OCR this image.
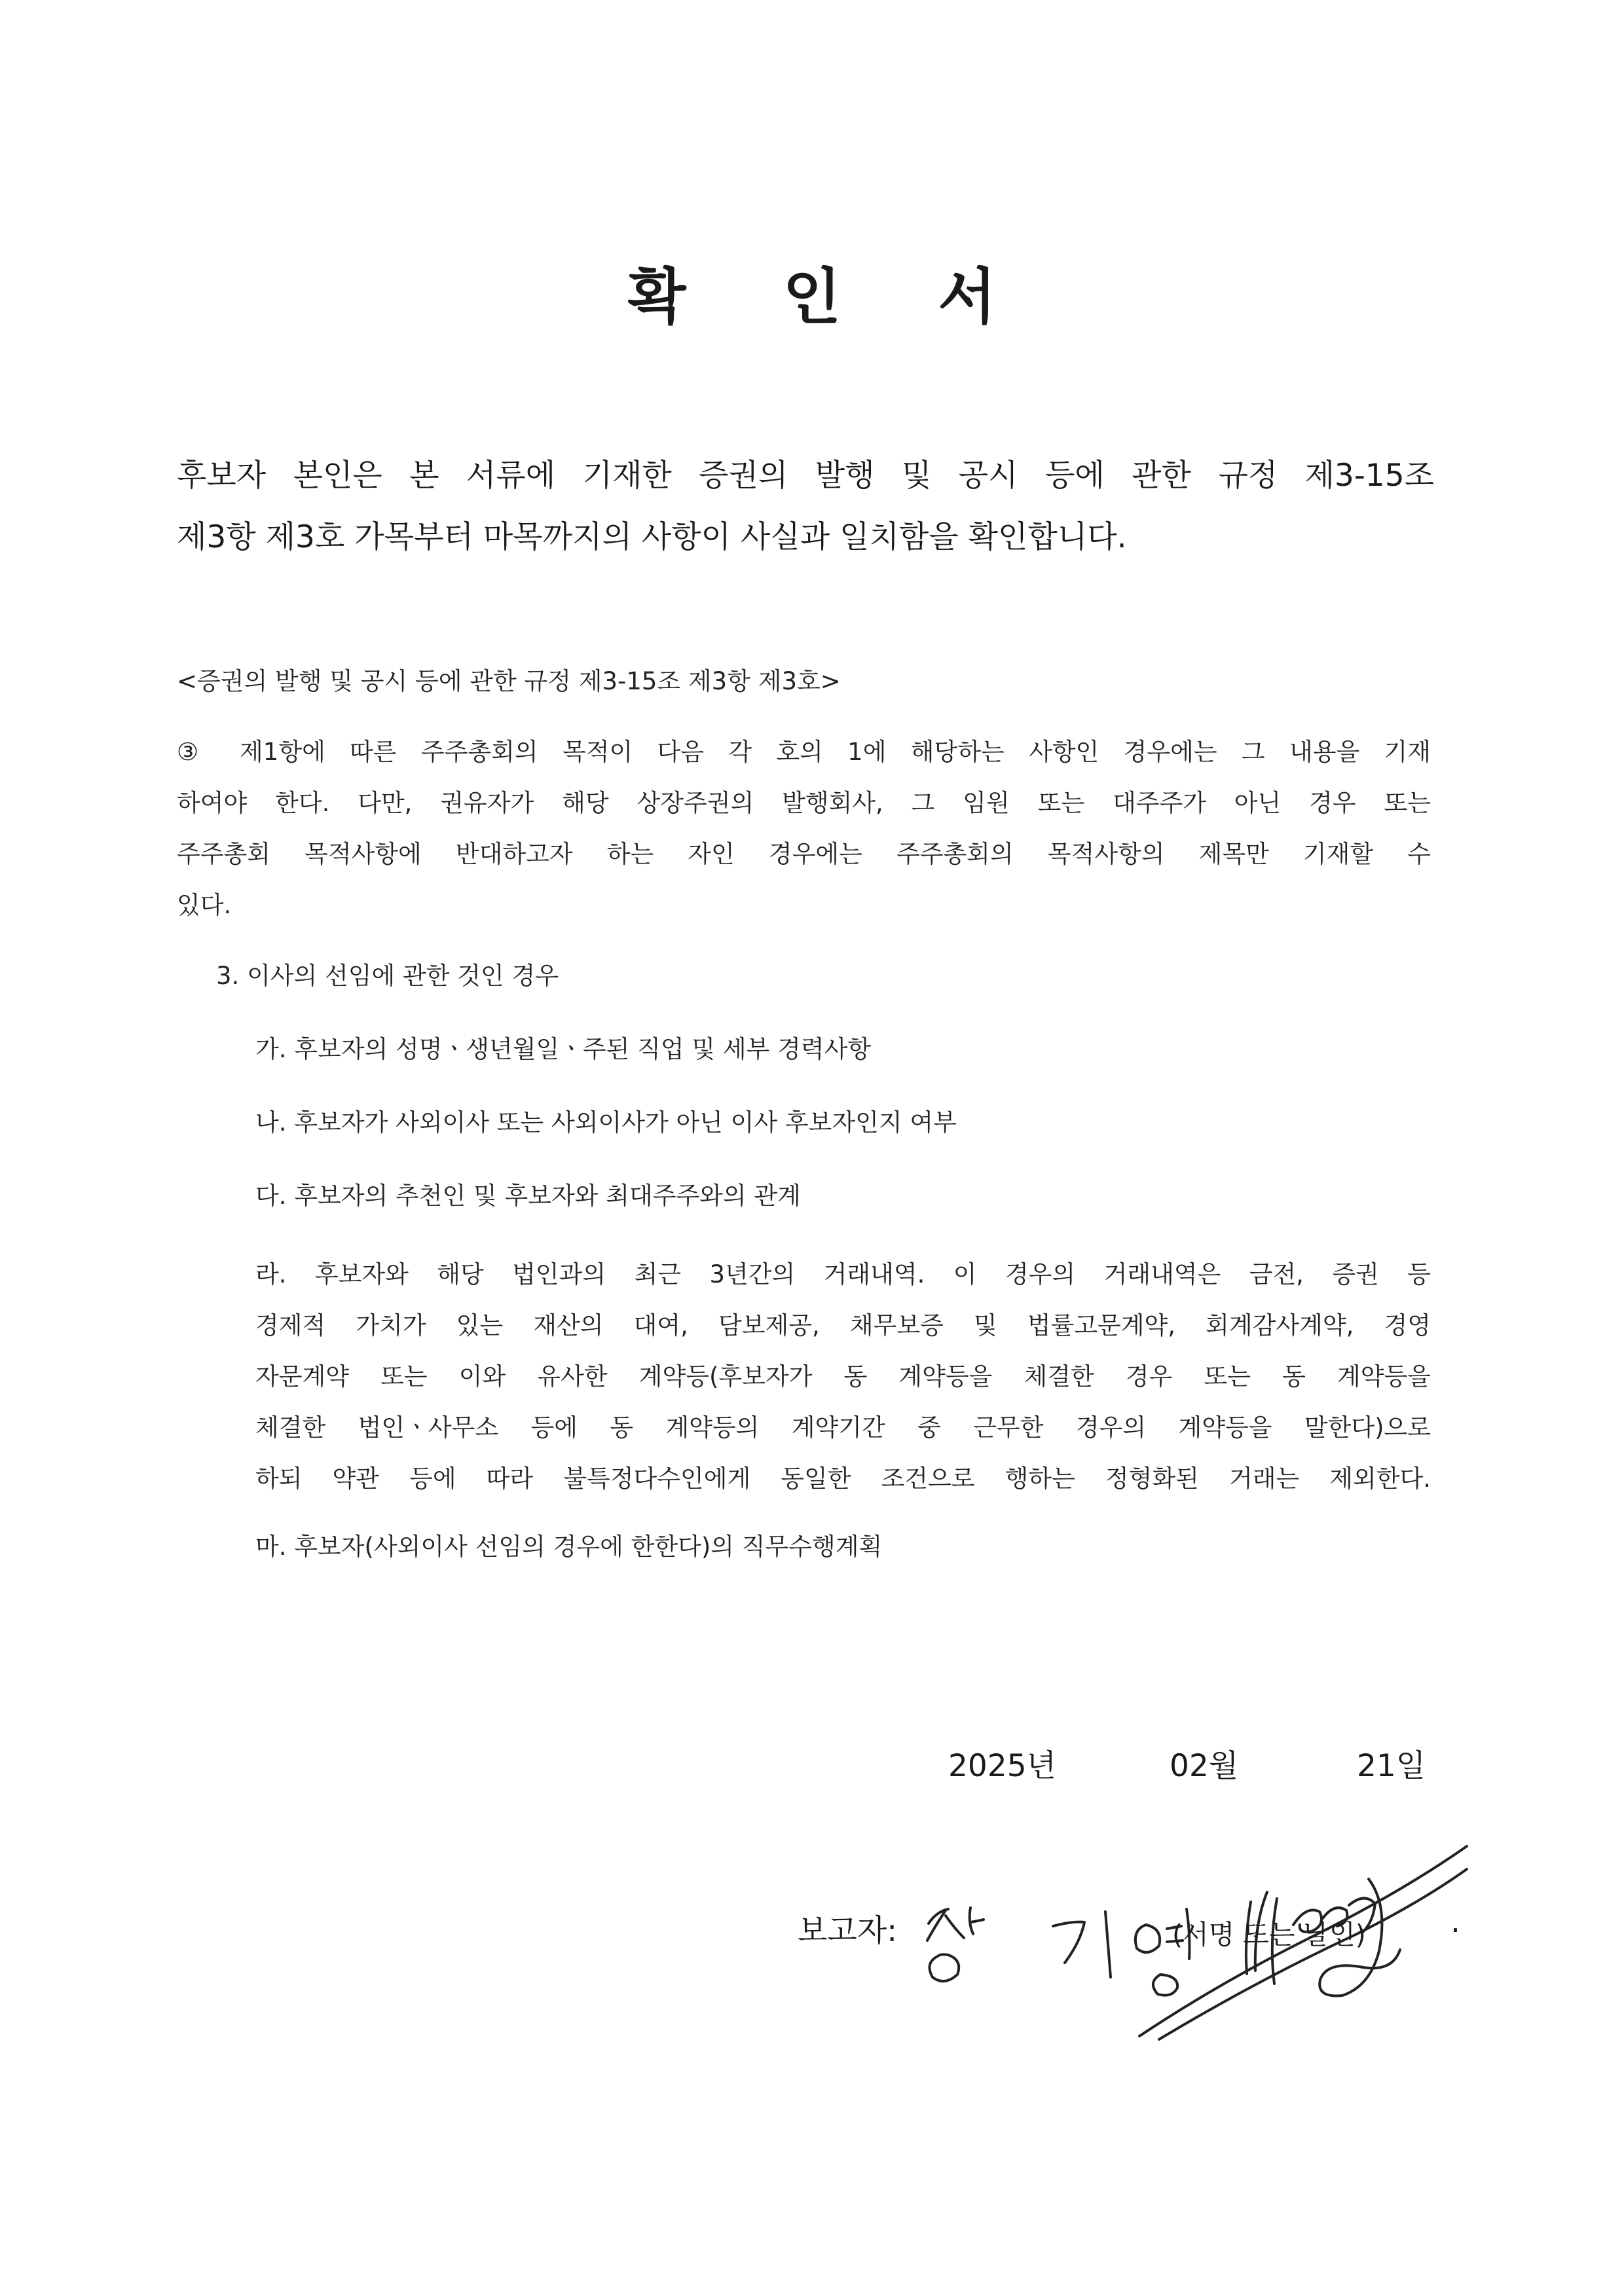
확 인 서
후보자 본인은 본 서류에 기재한 증권의 발행 및 공시 등에 관한 규정 제3-15조
제3항 제3호 가목부터 마목까지의 사항이 사실과 일치함을 확인합니다.
<증권의 발행 및 공시 등에 관한 규정 제3-15조 제3항 제3호>
③ 제1항에 따른 주주총회의 목적이 다음 각 호의 1에 해당하는 사항인 경우에는 그 내용을 기재
하여야 한다. 다만, 권유자가 해당 상장주권의 발행회사, 그 임원 또는 대주주가 아닌 경우 또는
주주총회 목적사항에 반대하고자 하는 자인 경우에는 주주총회의 목적사항의 제목만 기재할 수
있다.
3. 이사의 선임에 관한 것인 경우
가. 후보자의 성명ㆍ생년월일ㆍ주된 직업 및 세부 경력사항
나. 후보자가 사외이사 또는 사외이사가 아닌 이사 후보자인지 여부
다. 후보자의 추천인 및 후보자와 최대주주와의 관계
라. 후보자와 해당 법인과의 최근 3년간의 거래내역. 이 경우의 거래내역은 금전, 증권 등
경제적 가치가 있는 재산의 대여, 담보제공, 채무보증 및 법률고문계약, 회계감사계약, 경영
자문계약 또는 이와 유사한 계약등(후보자가 동 계약등을 체결한 경우 또는 동 계약등을
체결한 법인ㆍ사무소 등에 동 계약등의 계약기간 중 근무한 경우의 계약등을 말한다)으로
하되 약관 등에 따라 불특정다수인에게 동일한 조건으로 행하는 정형화된 거래는 제외한다.
마. 후보자(사외이사 선임의 경우에 한한다)의 직무수행계획
2025년	02월	21일
보고자:	(서명 또는 날인)	.
